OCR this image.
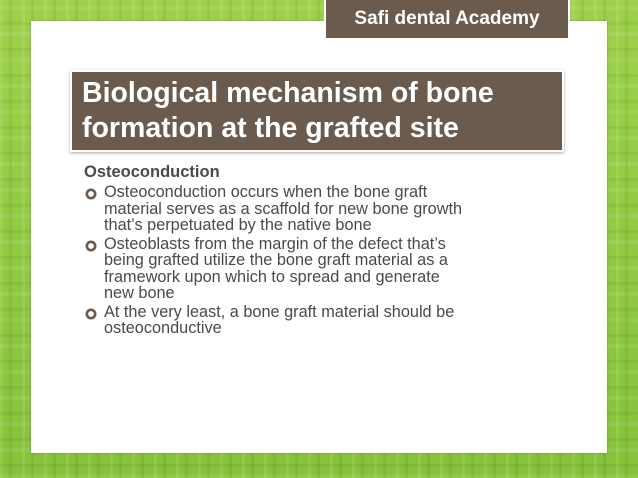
Safi dental Academy
Biological mechanism of bone
formation at the grafted site
Osteoconduction
Osteoconduction occurs when the bone graft
material serves as a scaffold for new bone growth
that’s perpetuated by the native bone
Osteoblasts from the margin of the defect that’s
being grafted utilize the bone graft material as a
framework upon which to spread and generate
new bone
At the very least, a bone graft material should be
osteoconductive
